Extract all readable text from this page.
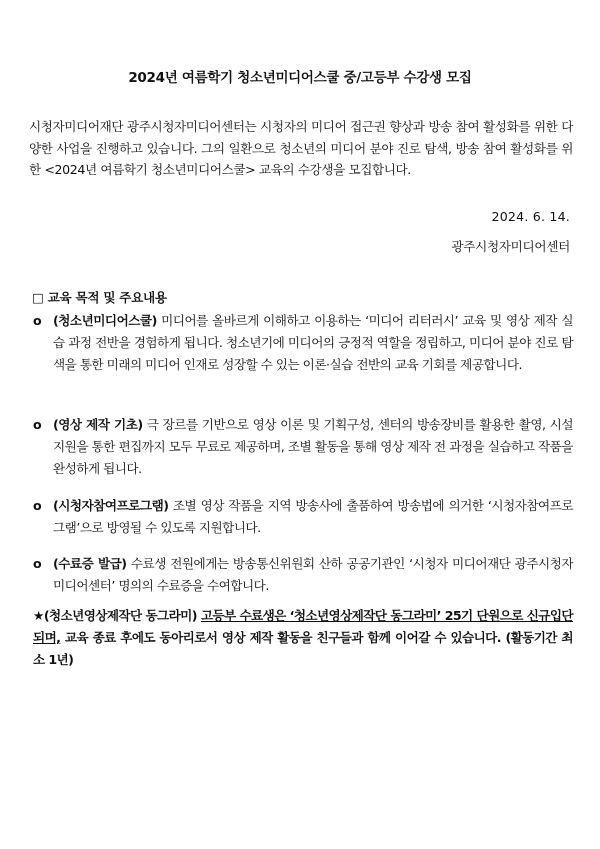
2024년 여름학기 청소년미디어스쿨 중/고등부 수강생 모집
시청자미디어재단 광주시청자미디어센터는 시청자의 미디어 접근권 향상과 방송 참여 활성화를 위한 다양한 사업을 진행하고 있습니다. 그의 일환으로 청소년의 미디어 분야 진로 탐색, 방송 참여 활성화를 위한 <2024년 여름학기 청소년미디어스쿨> 교육의 수강생을 모집합니다.
2024. 6. 14.
광주시청자미디어센터
□ 교육 목적 및 주요내용
o (청소년미디어스쿨) 미디어를 올바르게 이해하고 이용하는 ‘미디어 리터러시’ 교육 및 영상 제작 실습 과정 전반을 경험하게 됩니다. 청소년기에 미디어의 긍정적 역할을 정립하고, 미디어 분야 진로 탐색을 통한 미래의 미디어 인재로 성장할 수 있는 이론·실습 전반의 교육 기회를 제공합니다.
o (영상 제작 기초) 극 장르를 기반으로 영상 이론 및 기획구성, 센터의 방송장비를 활용한 촬영, 시설 지원을 통한 편집까지 모두 무료로 제공하며, 조별 활동을 통해 영상 제작 전 과정을 실습하고 작품을 완성하게 됩니다.
o (시청자참여프로그램) 조별 영상 작품을 지역 방송사에 출품하여 방송법에 의거한 ‘시청자참여프로그램’으로 방영될 수 있도록 지원합니다.
o (수료증 발급) 수료생 전원에게는 방송통신위원회 산하 공공기관인 ‘시청자 미디어재단 광주시청자미디어센터’ 명의의 수료증을 수여합니다.
★(청소년영상제작단 동그라미) 고등부 수료생은 ‘청소년영상제작단 동그라미’ 25기 단원으로 신규입단되며, 교육 종료 후에도 동아리로서 영상 제작 활동을 친구들과 함께 이어갈 수 있습니다. (활동기간 최소 1년)
